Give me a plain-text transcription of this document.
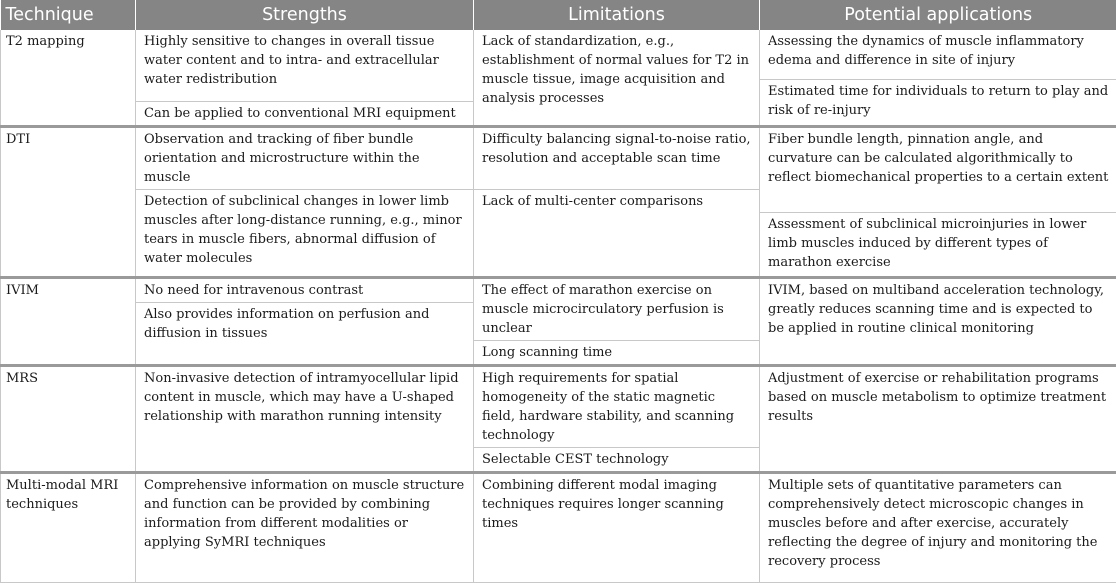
Technique	Strengths	Limitations	Potential applications
T2 mapping	Highly sensitive to changes in overall tissue water content and to intra- and extracellular water redistribution	Lack of standardization, e.g., establishment of normal values for T2 in muscle tissue, image acquisition and analysis processes	Assessing the dynamics of muscle inflammatory edema and difference in site of injury
			Estimated time for individuals to return to play and risk of re-injury
	Can be applied to conventional MRI equipment		
DTI	Observation and tracking of fiber bundle orientation and microstructure within the muscle	Difficulty balancing signal-to-noise ratio, resolution and acceptable scan time	Fiber bundle length, pinnation angle, and curvature can be calculated algorithmically to reflect biomechanical properties to a certain extent
	Detection of subclinical changes in lower limb muscles after long-distance running, e.g., minor tears in muscle fibers, abnormal diffusion of water molecules	Lack of multi-center comparisons	
			Assessment of subclinical microinjuries in lower limb muscles induced by different types of marathon exercise
IVIM	No need for intravenous contrast	The effect of marathon exercise on muscle microcirculatory perfusion is unclear	IVIM, based on multiband acceleration technology, greatly reduces scanning time and is expected to be applied in routine clinical monitoring
	Also provides information on perfusion and diffusion in tissues		
		Long scanning time	
MRS	Non-invasive detection of intramyocellular lipid content in muscle, which may have a U-shaped relationship with marathon running intensity	High requirements for spatial homogeneity of the static magnetic field, hardware stability, and scanning technology	Adjustment of exercise or rehabilitation programs based on muscle metabolism to optimize treatment results
		Selectable CEST technology	
Multi-modal MRI techniques	Comprehensive information on muscle structure and function can be provided by combining information from different modalities or applying SyMRI techniques	Combining different modal imaging techniques requires longer scanning times	Multiple sets of quantitative parameters can comprehensively detect microscopic changes in muscles before and after exercise, accurately reflecting the degree of injury and monitoring the recovery process
